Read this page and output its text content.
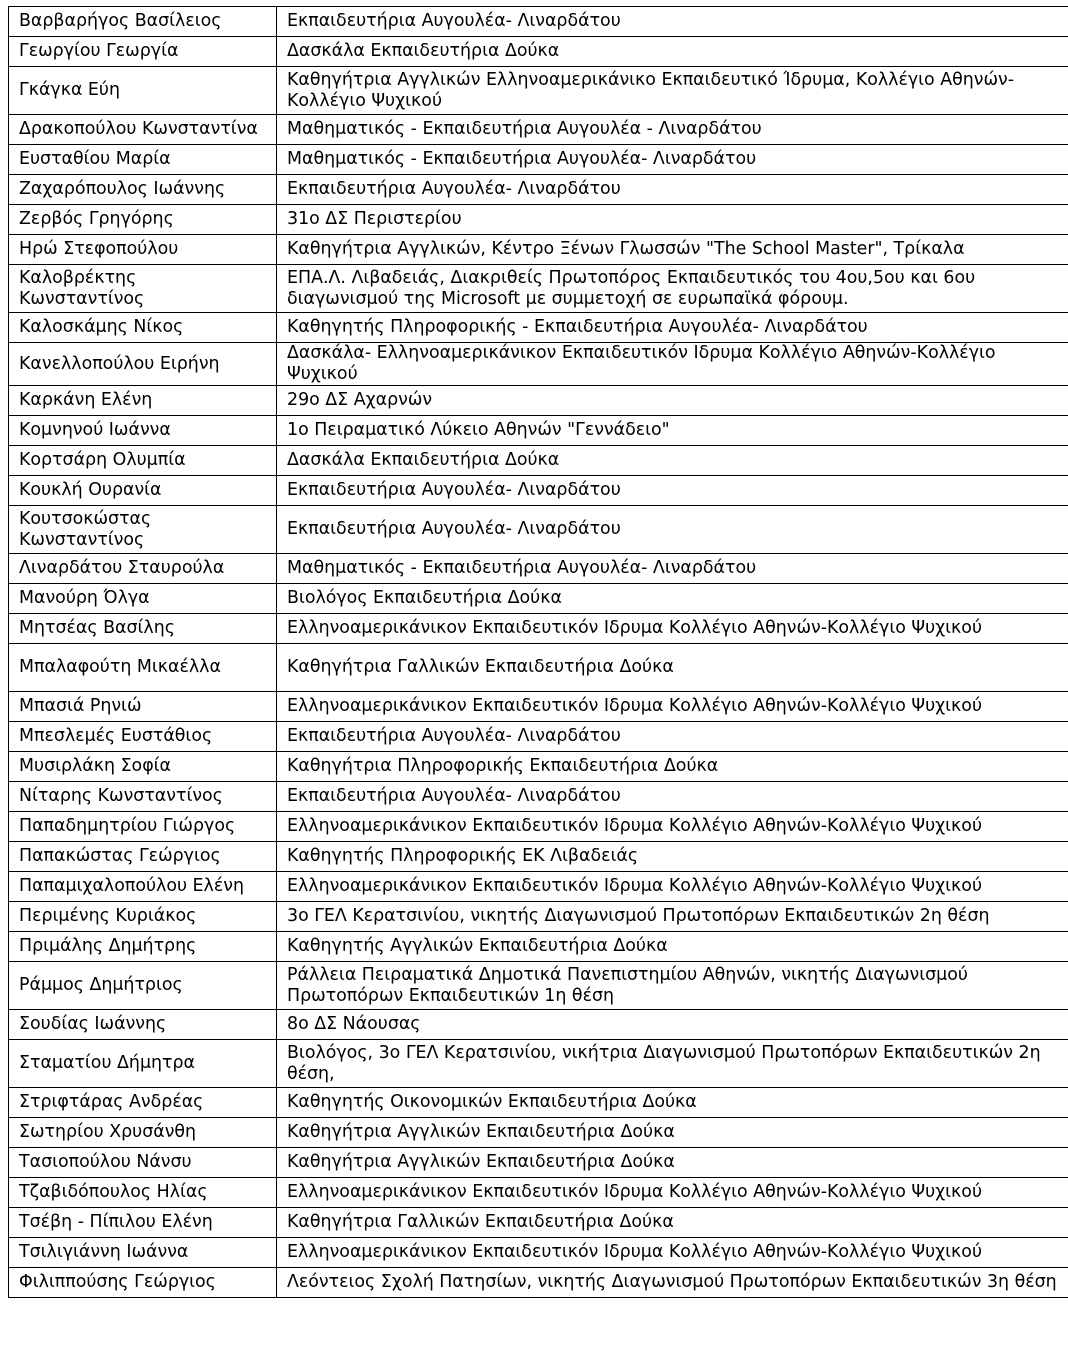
Βαρβαρήγος Βασίλειος	Εκπαιδευτήρια Αυγουλέα- Λιναρδάτου
Γεωργίου Γεωργία	Δασκάλα Εκπαιδευτήρια Δούκα
Γκάγκα Εύη	Καθηγήτρια Αγγλικών Ελληνοαμερικάνικο Εκπαιδευτικό Ίδρυμα, Κολλέγιο Αθηνών- Κολλέγιο Ψυχικού
Δρακοπούλου Κωνσταντίνα	Μαθηματικός - Εκπαιδευτήρια Αυγουλέα - Λιναρδάτου
Ευσταθίου Μαρία	Μαθηματικός - Εκπαιδευτήρια Αυγουλέα- Λιναρδάτου
Ζαχαρόπουλος Ιωάννης	Εκπαιδευτήρια Αυγουλέα- Λιναρδάτου
Ζερβός Γρηγόρης	31ο ΔΣ Περιστερίου
Ηρώ Στεφοπούλου	Καθηγήτρια Αγγλικών, Κέντρο Ξένων Γλωσσών "The School Master", Τρίκαλα
Καλοβρέκτης Κωνσταντίνος	ΕΠΑ.Λ. Λιβαδειάς, Διακριθείς Πρωτοπόρος Εκπαιδευτικός του 4ου,5ου και 6ου διαγωνισμού της Microsoft με συμμετοχή σε ευρωπαϊκά φόρουμ.
Καλοσκάμης Νίκος	Καθηγητής Πληροφορικής - Εκπαιδευτήρια Αυγουλέα- Λιναρδάτου
Κανελλοπούλου Ειρήνη	Δασκάλα- Ελληνοαμερικάνικον Εκπαιδευτικόν Ιδρυμα Κολλέγιο Αθηνών-Κολλέγιο Ψυχικού
Καρκάνη Ελένη	29ο ΔΣ Αχαρνών
Κομνηνού Ιωάννα	1ο Πειραματικό Λύκειο Αθηνών "Γεννάδειο"
Κορτσάρη Ολυμπία	Δασκάλα Εκπαιδευτήρια Δούκα
Κουκλή Ουρανία	Εκπαιδευτήρια Αυγουλέα- Λιναρδάτου
Κουτσοκώστας Κωνσταντίνος	Εκπαιδευτήρια Αυγουλέα- Λιναρδάτου
Λιναρδάτου Σταυρούλα	Μαθηματικός - Εκπαιδευτήρια Αυγουλέα- Λιναρδάτου
Μανούρη Όλγα	Βιολόγος Εκπαιδευτήρια Δούκα
Μητσέας Βασίλης	Ελληνοαμερικάνικον Εκπαιδευτικόν Ιδρυμα Κολλέγιο Αθηνών-Κολλέγιο Ψυχικού
Μπαλαφούτη Μικαέλλα	Καθηγήτρια Γαλλικών Εκπαιδευτήρια Δούκα
Μπασιά Ρηνιώ	Ελληνοαμερικάνικον Εκπαιδευτικόν Ιδρυμα Κολλέγιο Αθηνών-Κολλέγιο Ψυχικού
Μπεσλεμές Ευστάθιος	Εκπαιδευτήρια Αυγουλέα- Λιναρδάτου
Μυσιρλάκη Σοφία	Καθηγήτρια Πληροφορικής Εκπαιδευτήρια Δούκα
Νίταρης Κωνσταντίνος	Εκπαιδευτήρια Αυγουλέα- Λιναρδάτου
Παπαδημητρίου Γιώργος	Ελληνοαμερικάνικον Εκπαιδευτικόν Ιδρυμα Κολλέγιο Αθηνών-Κολλέγιο Ψυχικού
Παπακώστας Γεώργιος	Καθηγητής Πληροφορικής ΕΚ Λιβαδειάς
Παπαμιχαλοπούλου Ελένη	Ελληνοαμερικάνικον Εκπαιδευτικόν Ιδρυμα Κολλέγιο Αθηνών-Κολλέγιο Ψυχικού
Περιμένης Κυριάκος	3ο ΓΕΛ Κερατσινίου, νικητής Διαγωνισμού Πρωτοπόρων Εκπαιδευτικών 2η θέση
Πριμάλης Δημήτρης	Καθηγητής Αγγλικών Εκπαιδευτήρια Δούκα
Ράμμος Δημήτριος	Ράλλεια Πειραματικά Δημοτικά Πανεπιστημίου Αθηνών, νικητής Διαγωνισμού Πρωτοπόρων Εκπαιδευτικών 1η θέση
Σουδίας Ιωάννης	8ο ΔΣ Νάουσας
Σταματίου Δήμητρα	Βιολόγος, 3ο ΓΕΛ Κερατσινίου, νικήτρια Διαγωνισμού Πρωτοπόρων Εκπαιδευτικών 2η θέση,
Στριφτάρας Ανδρέας	Καθηγητής Οικονομικών Εκπαιδευτήρια Δούκα
Σωτηρίου Χρυσάνθη	Καθηγήτρια Αγγλικών Εκπαιδευτήρια Δούκα
Τασιοπούλου Νάνσυ	Καθηγήτρια Αγγλικών Εκπαιδευτήρια Δούκα
Τζαβιδόπουλος Ηλίας	Ελληνοαμερικάνικον Εκπαιδευτικόν Ιδρυμα Κολλέγιο Αθηνών-Κολλέγιο Ψυχικού
Τσέβη - Πίπιλου Ελένη	Καθηγήτρια Γαλλικών Εκπαιδευτήρια Δούκα
Τσιλιγιάννη Ιωάννα	Ελληνοαμερικάνικον Εκπαιδευτικόν Ιδρυμα Κολλέγιο Αθηνών-Κολλέγιο Ψυχικού
Φιλιππούσης Γεώργιος	Λεόντειος Σχολή Πατησίων, νικητής Διαγωνισμού Πρωτοπόρων Εκπαιδευτικών 3η θέση
